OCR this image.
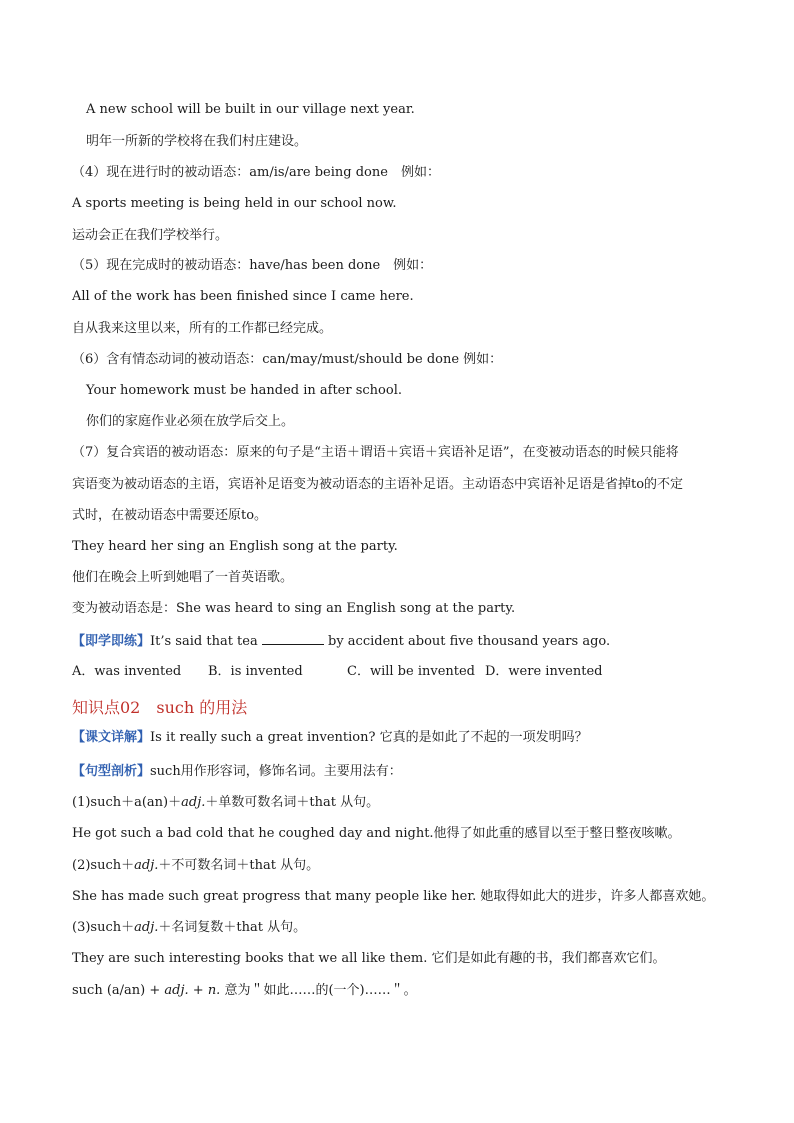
A new school will be built in our village next year.
明年一所新的学校将在我们村庄建设。
（4）现在进行时的被动语态：am/is/are being done　例如：
A sports meeting is being held in our school now.
运动会正在我们学校举行。
（5）现在完成时的被动语态：have/has been done　例如：
All of the work has been finished since I came here.
自从我来这里以来，所有的工作都已经完成。
（6）含有情态动词的被动语态：can/may/must/should be done 例如：
Your homework must be handed in after school.
你们的家庭作业必须在放学后交上。
（7）复合宾语的被动语态：原来的句子是“主语＋谓语＋宾语＋宾语补足语”，在变被动语态的时候只能将
宾语变为被动语态的主语，宾语补足语变为被动语态的主语补足语。主动语态中宾语补足语是省掉to的不定
式时，在被动语态中需要还原to。
They heard her sing an English song at the party.
他们在晚会上听到她唱了一首英语歌。
变为被动语态是：She was heard to sing an English song at the party.
【即学即练】It’s said that tea	by accident about five thousand years ago.
A．was invented B．is invented	C．will be invented D．were invented
知识点02　such 的用法
【课文详解】Is it really such a great invention? 它真的是如此了不起的一项发明吗？
【句型剖析】such用作形容词，修饰名词。主要用法有：
(1)such＋a(an)＋adj.＋单数可数名词＋that 从句。
He got such a bad cold that he coughed day and night.他得了如此重的感冒以至于整日整夜咳嗽。
(2)such＋adj.＋不可数名词＋that 从句。
She has made such great progress that many people like her. 她取得如此大的进步，许多人都喜欢她。
(3)such＋adj.＋名词复数＋that 从句。
They are such interesting books that we all like them. 它们是如此有趣的书，我们都喜欢它们。
such (a/an) + adj. + n. 意为＂如此……的(一个)……＂。
